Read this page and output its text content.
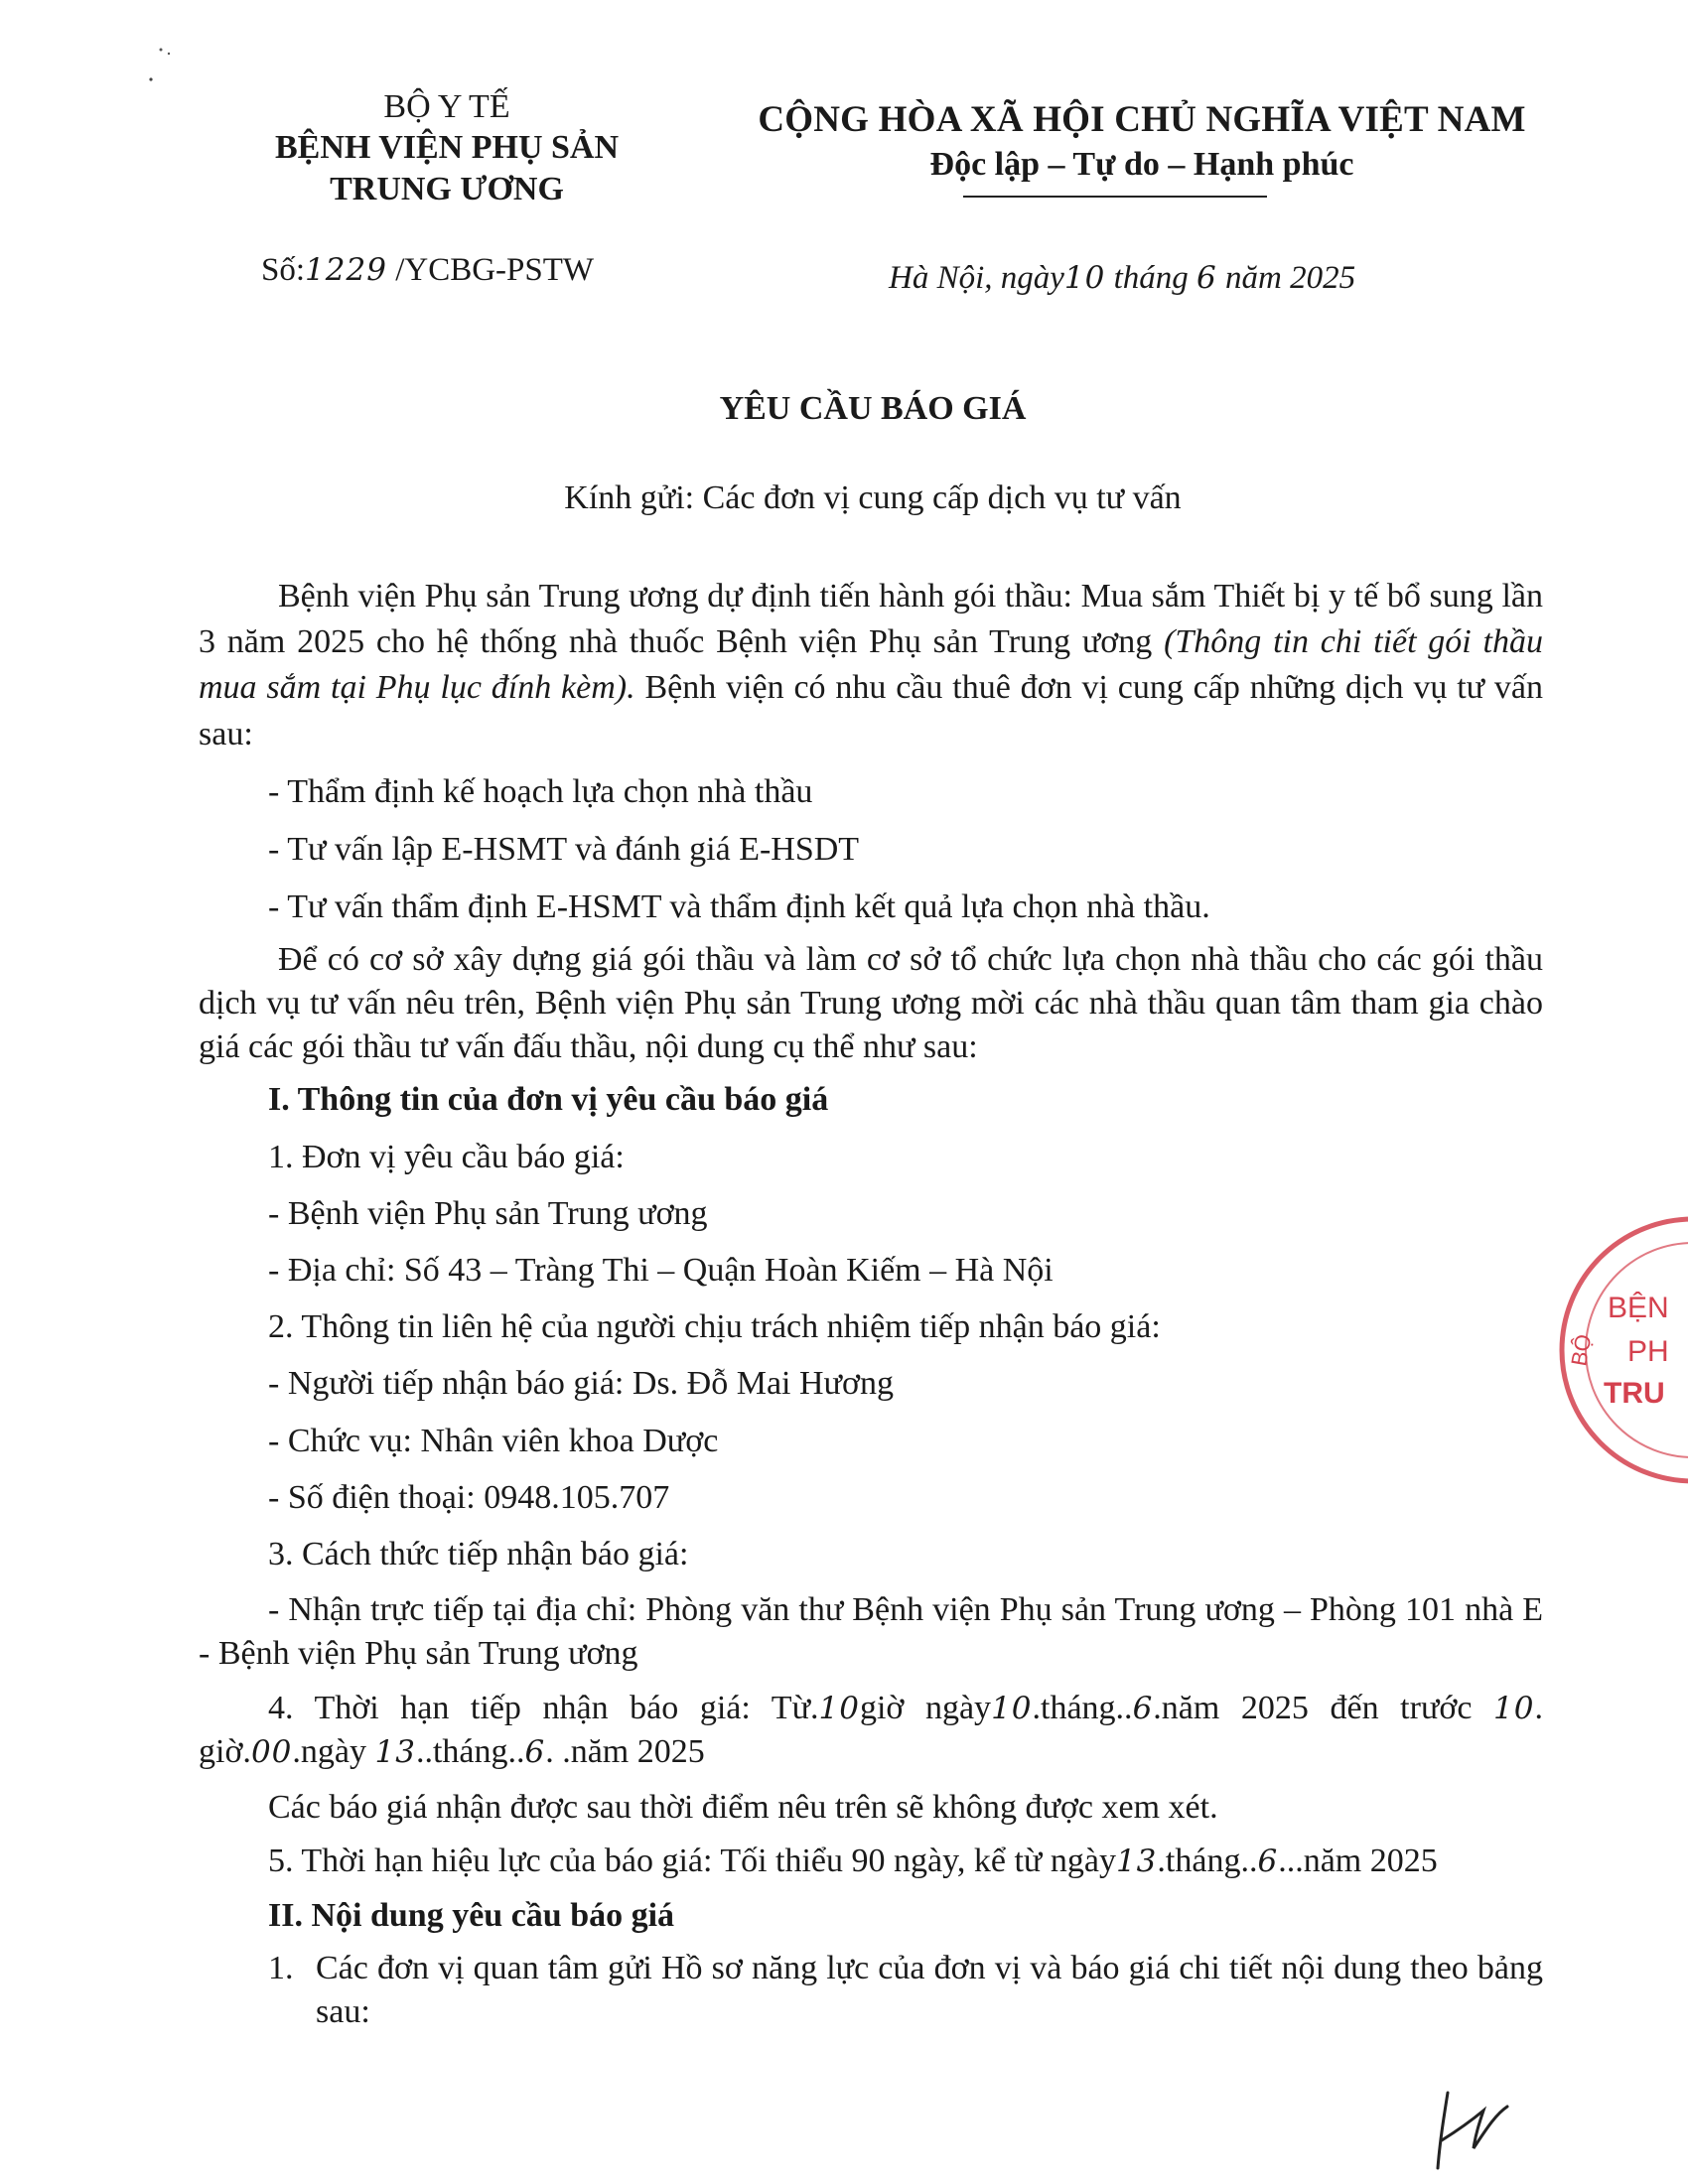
BỘ Y TẾ
BỆNH VIỆN PHỤ SẢN
TRUNG ƯƠNG
CỘNG HÒA XÃ HỘI CHỦ NGHĨA VIỆT NAM
Độc lập – Tự do – Hạnh phúc
Số:1229 /YCBG-PSTW	Hà Nội, ngày10 tháng 6 năm 2025
YÊU CẦU BÁO GIÁ
Kính gửi: Các đơn vị cung cấp dịch vụ tư vấn

Bệnh viện Phụ sản Trung ương dự định tiến hành gói thầu: Mua sắm Thiết bị y tế bổ sung lần 3 năm 2025 cho hệ thống nhà thuốc Bệnh viện Phụ sản Trung ương (Thông tin chi tiết gói thầu mua sắm tại Phụ lục đính kèm). Bệnh viện có nhu cầu thuê đơn vị cung cấp những dịch vụ tư vấn sau:

- Thẩm định kế hoạch lựa chọn nhà thầu

- Tư vấn lập E-HSMT và đánh giá E-HSDT

- Tư vấn thẩm định E-HSMT và thẩm định kết quả lựa chọn nhà thầu.

Để có cơ sở xây dựng giá gói thầu và làm cơ sở tổ chức lựa chọn nhà thầu cho các gói thầu dịch vụ tư vấn nêu trên, Bệnh viện Phụ sản Trung ương mời các nhà thầu quan tâm tham gia chào giá các gói thầu tư vấn đấu thầu, nội dung cụ thể như sau:

I. Thông tin của đơn vị yêu cầu báo giá

1. Đơn vị yêu cầu báo giá:

- Bệnh viện Phụ sản Trung ương

- Địa chỉ: Số 43 – Tràng Thi – Quận Hoàn Kiếm – Hà Nội

2. Thông tin liên hệ của người chịu trách nhiệm tiếp nhận báo giá:

- Người tiếp nhận báo giá: Ds. Đỗ Mai Hương

- Chức vụ: Nhân viên khoa Dược

- Số điện thoại: 0948.105.707

3. Cách thức tiếp nhận báo giá:

- Nhận trực tiếp tại địa chỉ: Phòng văn thư Bệnh viện Phụ sản Trung ương – Phòng 101 nhà E - Bệnh viện Phụ sản Trung ương

4. Thời hạn tiếp nhận báo giá: Từ.10giờ ngày10.tháng..6.năm 2025 đến trước 10. giờ.00.ngày 13..tháng..6. .năm 2025

Các báo giá nhận được sau thời điểm nêu trên sẽ không được xem xét.

5. Thời hạn hiệu lực của báo giá: Tối thiểu 90 ngày, kể từ ngày13.tháng..6...năm 2025

II. Nội dung yêu cầu báo giá

1. Các đơn vị quan tâm gửi Hồ sơ năng lực của đơn vị và báo giá chi tiết nội dung theo bảng sau:
BỆN
PH
TRU
BỘ
